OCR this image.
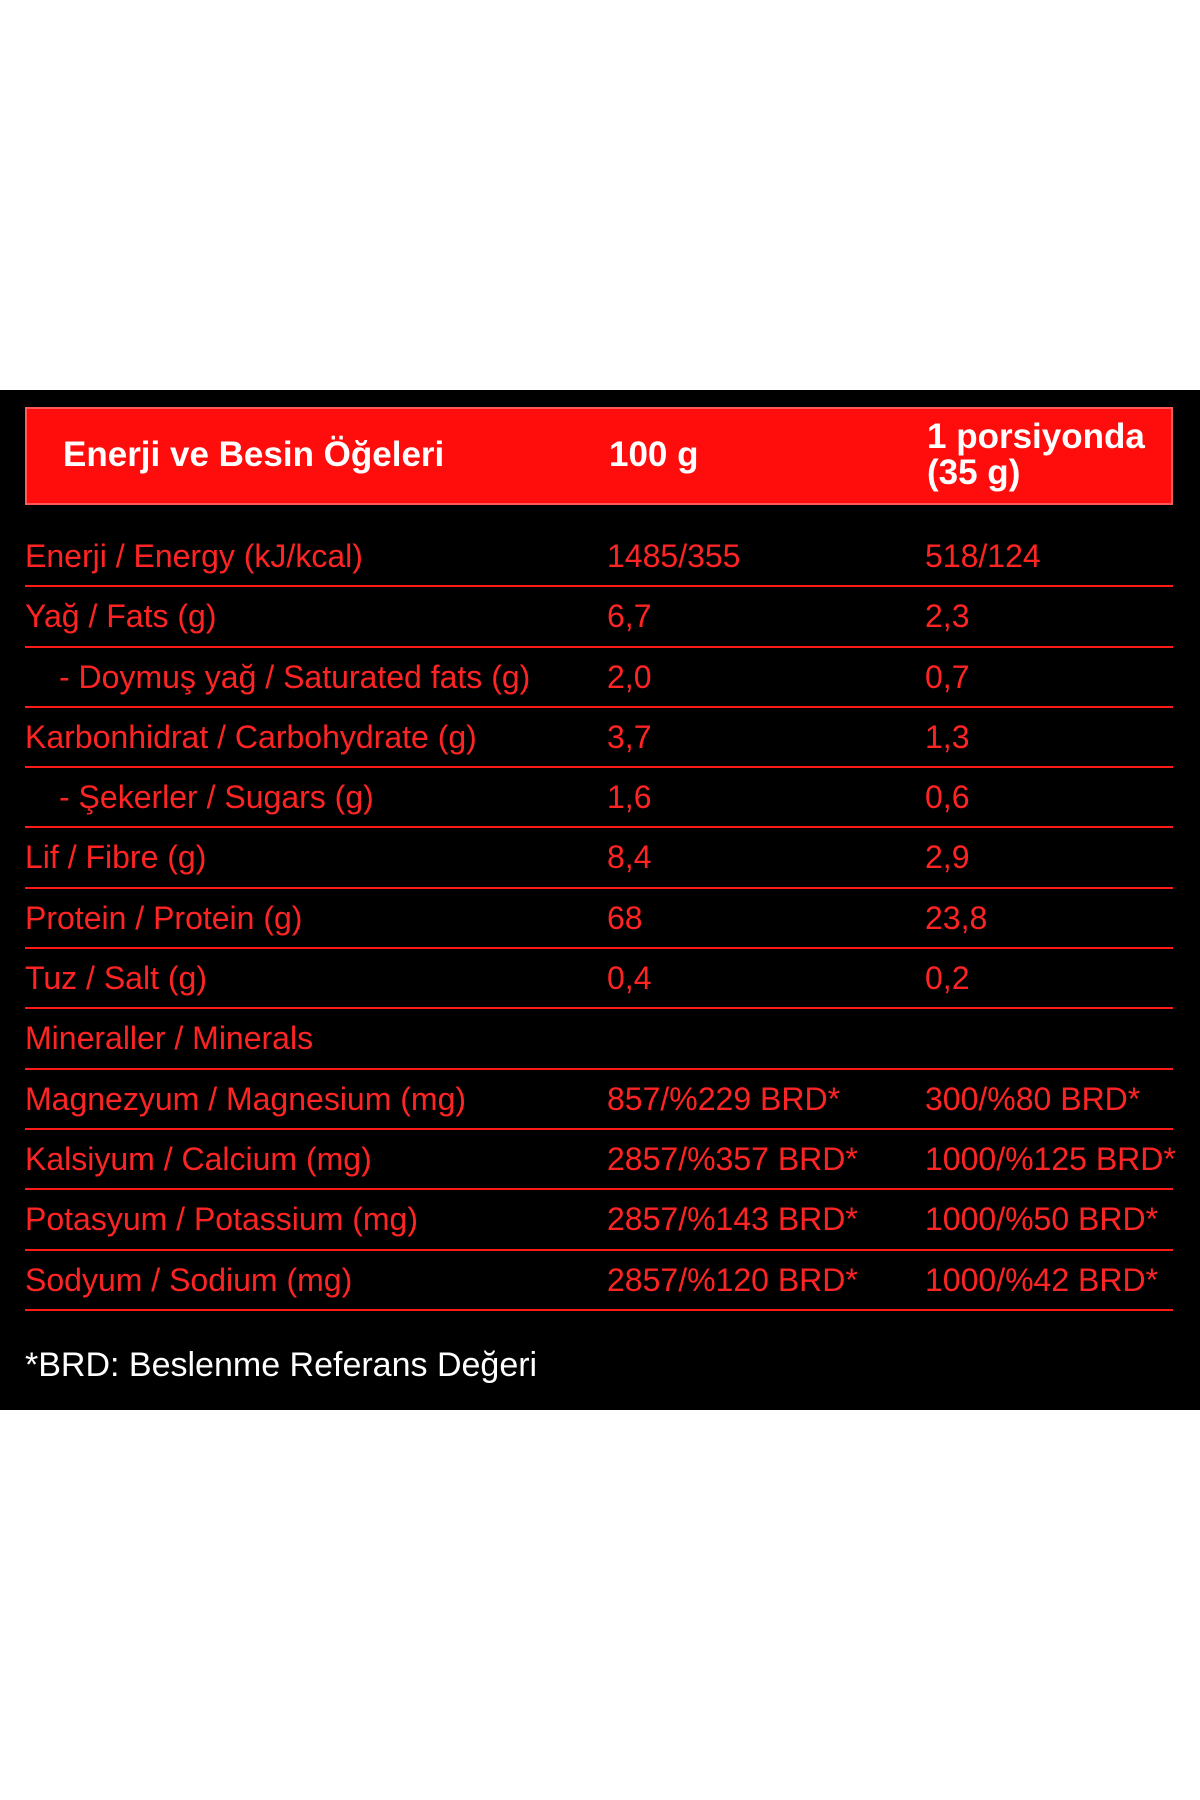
Enerji ve Besin Öğeleri	100 g	1 porsiyonda
(35 g)
Enerji / Energy (kJ/kcal)	1485/355	518/124
Yağ / Fats (g)	6,7	2,3
- Doymuş yağ / Saturated fats (g) 2,0	0,7
Karbonhidrat / Carbohydrate (g)	3,7	1,3
- Şekerler / Sugars (g)	1,6	0,6
Lif / Fibre (g)	8,4	2,9
Protein / Protein (g)	68	23,8
Tuz / Salt (g)	0,4	0,2
Mineraller / Minerals
Magnezyum / Magnesium (mg)	857/%229 BRD*	300/%80 BRD*
Kalsiyum / Calcium (mg)	2857/%357 BRD* 1000/%125 BRD*
Potasyum / Potassium (mg)	2857/%143 BRD* 1000/%50 BRD*
Sodyum / Sodium (mg)	2857/%120 BRD* 1000/%42 BRD*
*BRD: Beslenme Referans Değeri
